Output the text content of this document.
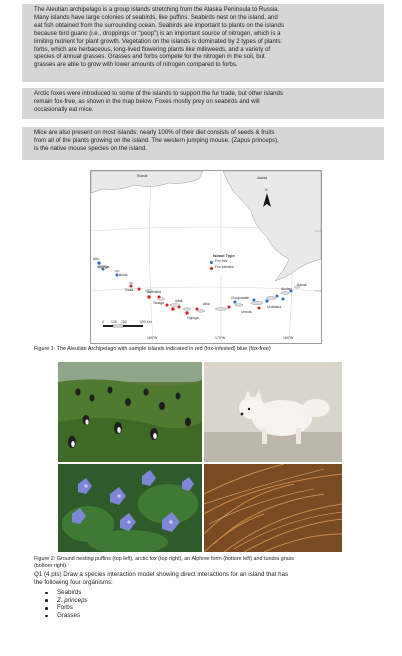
The Aleutian archipelago is a group islands stretching from the Alaska Peninsula to Russia.
Many islands have large colonies of seabirds, like puffins. Seabirds nest on the island, and
eat fish obtained from the surrounding ocean. Seabirds are important to plants on the islands
because bird guano (i.e., droppings or "poop") is an important source of nitrogen, which is a
limiting nutrient for plant growth. Vegetation on the islands is dominated by 2 types of plants:
forbs, which are herbaceous, long-lived flowering plants like milkweeds, and a variety of
species of annual grasses. Grasses and forbs compete for the nitrogen in the soil, but
grasses are able to grow with lower amounts of nitrogen compared to forbs.
Arctic foxes were introduced to some of the islands to support the fur trade, but other islands
remain fox-free, as shown in the map below. Foxes mostly prey on seabirds and will
occasionally eat mice.
Mice are also present on most islands; nearly 100% of their diet consists of seeds & fruits
from all of the plants growing on the island. The western jumping mouse, (Zapus princeps),
is the native mouse species on the island.
Russia	Alaska
N
Island Type
Fox-free
Fox-infested
Attu
Shemya
Buldir
Kiska	Amchitka
Tanaga	Adak
Atka
Chuginadak
Umnak
Unalaska
Akutan
Sanak
Ogliuga
0 125 250	500 Km
180°W	170°W	160°W

Figure 1: The Aleutian Archipelago with sample islands indicated in red (fox-infested) blue (fox-free)

Figure 2: Ground nesting puffins (top left), arctic fox (top right), an Alphine form (bottom left) and tundra grass
(bottom right).

Q1 (4 pts) Draw a species interaction model showing direct interactions for an island that has
the following four organisms:
Seabirds
Z. princeps
Forbs
Grasses
